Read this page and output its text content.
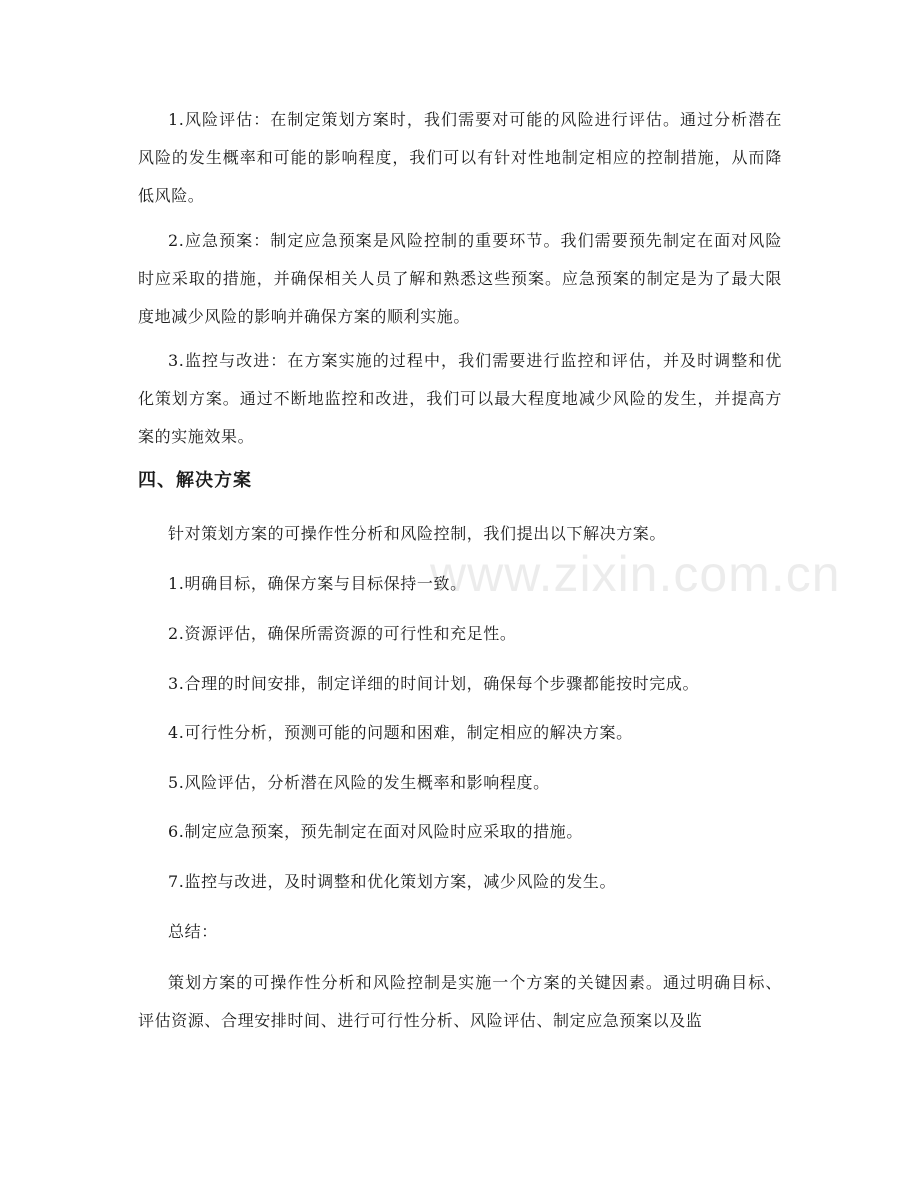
1.风险评估：在制定策划方案时，我们需要对可能的风险进行评估。通过分析潜在风险的发生概率和可能的影响程度，我们可以有针对性地制定相应的控制措施，从而降低风险。

2.应急预案：制定应急预案是风险控制的重要环节。我们需要预先制定在面对风险时应采取的措施，并确保相关人员了解和熟悉这些预案。应急预案的制定是为了最大限度地减少风险的影响并确保方案的顺利实施。

3.监控与改进：在方案实施的过程中，我们需要进行监控和评估，并及时调整和优化策划方案。通过不断地监控和改进，我们可以最大程度地减少风险的发生，并提高方案的实施效果。

四、解决方案

针对策划方案的可操作性分析和风险控制，我们提出以下解决方案。

1.明确目标，确保方案与目标保持一致。

2.资源评估，确保所需资源的可行性和充足性。

3.合理的时间安排，制定详细的时间计划，确保每个步骤都能按时完成。

4.可行性分析，预测可能的问题和困难，制定相应的解决方案。

5.风险评估，分析潜在风险的发生概率和影响程度。

6.制定应急预案，预先制定在面对风险时应采取的措施。

7.监控与改进，及时调整和优化策划方案，减少风险的发生。

总结：

策划方案的可操作性分析和风险控制是实施一个方案的关键因素。通过明确目标、评估资源、合理安排时间、进行可行性分析、风险评估、制定应急预案以及监

www.zixin.com.cn
